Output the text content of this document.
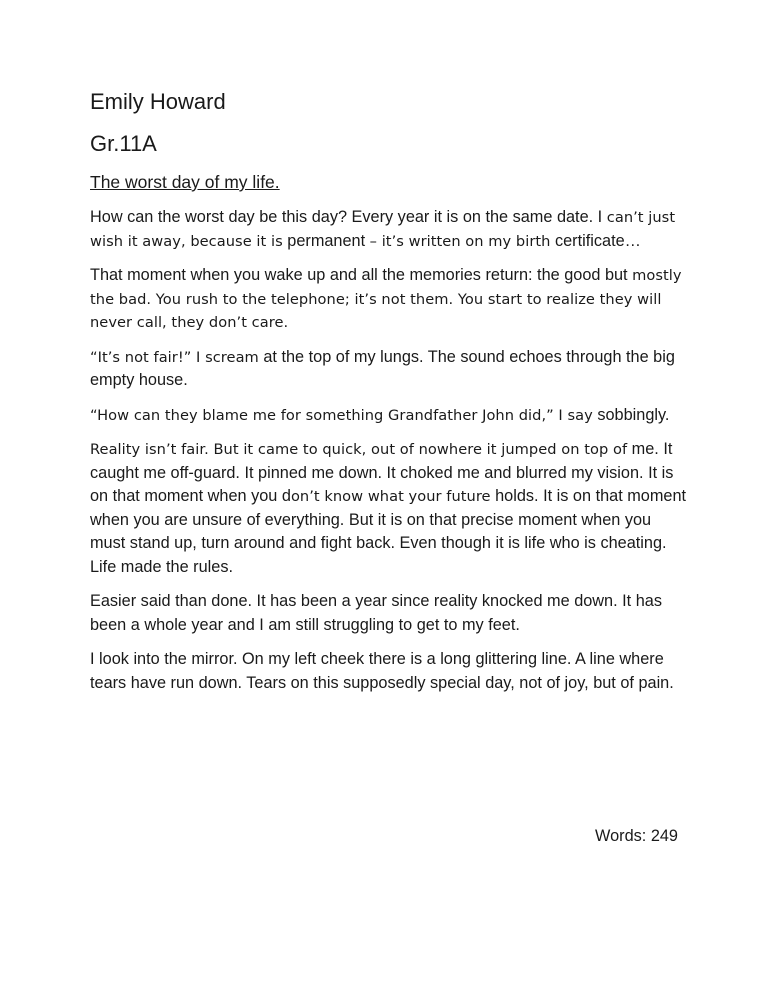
Emily Howard
Gr.11A
The worst day of my life.

How can the worst day be this day? Every year it is on the same date. I can’t just wish it away, because it is permanent – it’s written on my birth certificate…

That moment when you wake up and all the memories return: the good but mostly the bad. You rush to the telephone; it’s not them. You start to realize they will never call, they don’t care.

“It’s not fair!” I scream at the top of my lungs. The sound echoes through the big empty house.

“How can they blame me for something Grandfather John did,” I say sobbingly.

Reality isn’t fair. But it came to quick, out of nowhere it jumped on top of me. It caught me off-guard. It pinned me down. It choked me and blurred my vision. It is on that moment when you don’t know what your future holds. It is on that moment when you are unsure of everything. But it is on that precise moment when you must stand up, turn around and fight back. Even though it is life who is cheating. Life made the rules.

Easier said than done. It has been a year since reality knocked me down. It has been a whole year and I am still struggling to get to my feet.

I look into the mirror. On my left cheek there is a long glittering line. A line where tears have run down. Tears on this supposedly special day, not of joy, but of pain.

Words: 249
